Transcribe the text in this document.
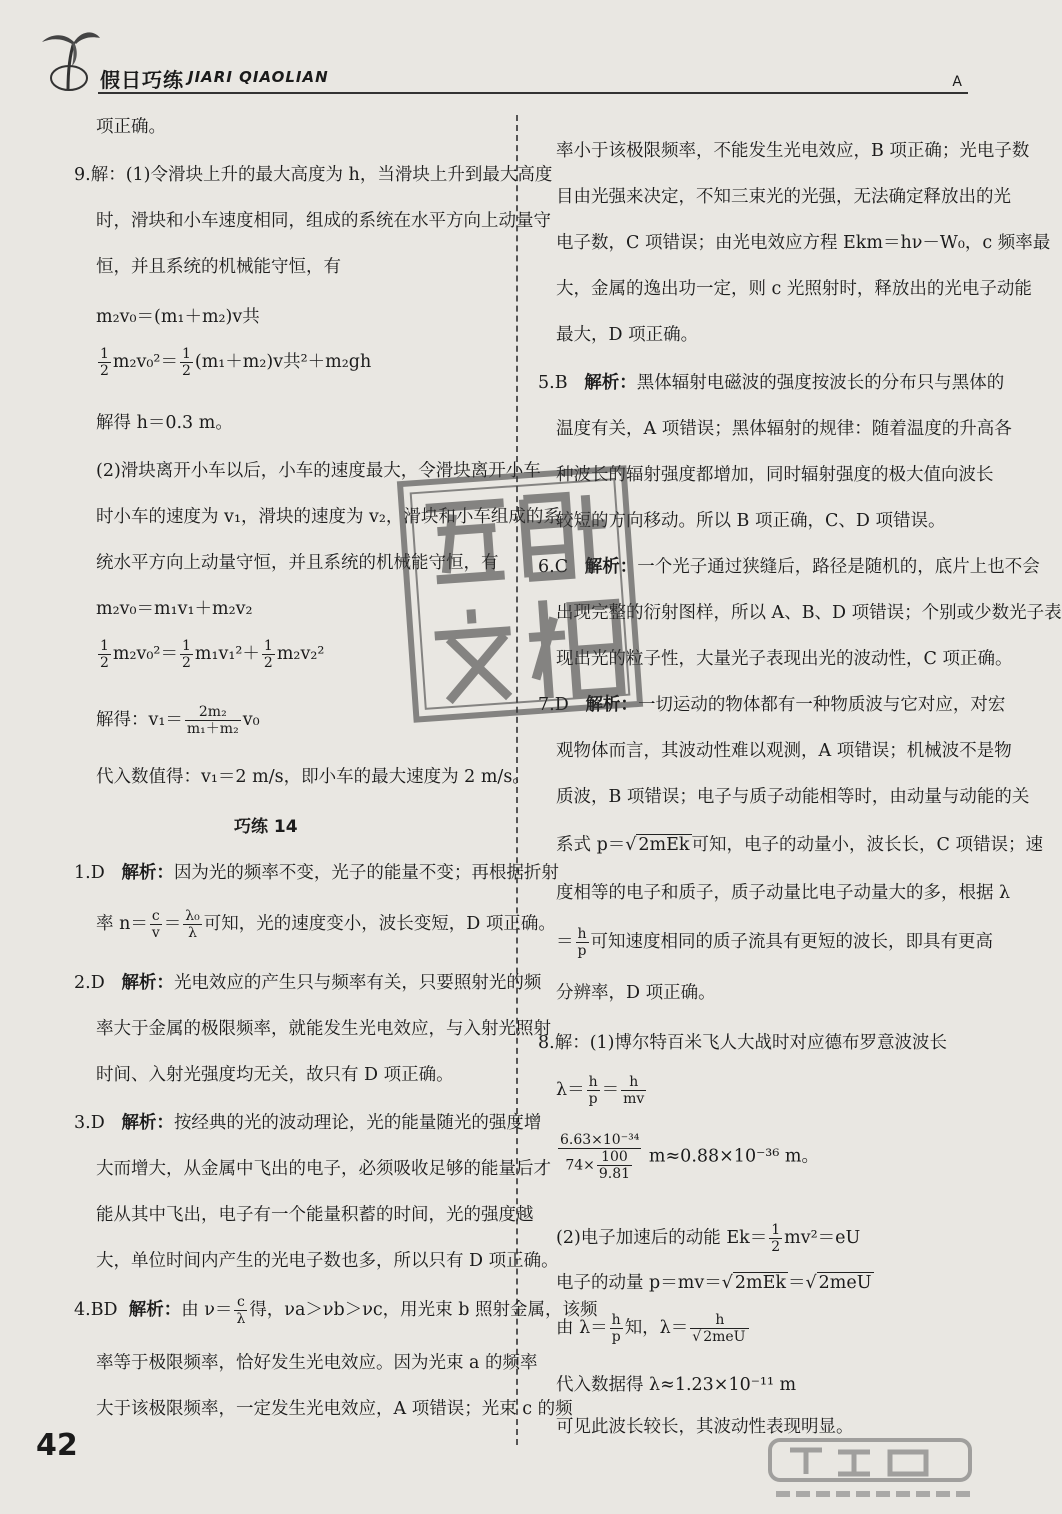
假日巧练 JIARI QIAOLIAN	A
项正确。
9.解：(1)令滑块上升的最大高度为 h，当滑块上升到最大高度
时，滑块和小车速度相同，组成的系统在水平方向上动量守
恒，并且系统的机械能守恒，有
m₂v₀＝(m₁＋m₂)v共
$\frac{1}{2} m_2v_0^2= \frac{1}{2} (m_1+m_2)v$共²＋m₂gh
解得 h＝0.3 m。
(2)滑块离开小车以后，小车的速度最大，令滑块离开小车
时小车的速度为 v₁，滑块的速度为 v₂，滑块和小车组成的系
统水平方向上动量守恒，并且系统的机械能守恒，有
m₂v₀＝m₁v₁＋m₂v₂
$\frac{1}{2} m_2v_0^2= \frac{1}{2} m_1v_1^2+ \frac{1}{2} m_2v_2^2$
解得：$v_1= \frac{\text{2m₂}}{\text{m₁＋m₂}} v_0$
代入数值得：v₁＝2 m/s，即小车的最大速度为 2 m/s。
巧练 14
1.D 解析：因为光的频率不变，光子的能量不变；再根据折射
率 $n= \frac{c}{v} = \frac{\text{λ₀}}{\lambda}$ 可知，光的速度变小，波长变短，D 项正确。
2.D 解析：光电效应的产生只与频率有关，只要照射光的频
率大于金属的极限频率，就能发生光电效应，与入射光照射
时间、入射光强度均无关，故只有 D 项正确。
3.D 解析：按经典的光的波动理论，光的能量随光的强度增
大而增大，从金属中飞出的电子，必须吸收足够的能量后才
能从其中飞出，电子有一个能量积蓄的时间，光的强度越
大，单位时间内产生的光电子数也多，所以只有 D 项正确。
4.BD 解析：由 $\nu= \frac{c}{\lambda}$ 得，νa＞νb＞νc，用光束 b 照射金属，该频
率等于极限频率，恰好发生光电效应。因为光束 a 的频率
大于该极限频率，一定发生光电效应，A 项错误；光束 c 的频
率小于该极限频率，不能发生光电效应，B 项正确；光电子数
目由光强来决定，不知三束光的光强，无法确定释放出的光
电子数，C 项错误；由光电效应方程 Ekm＝hν－W₀，c 频率最
大，金属的逸出功一定，则 c 光照射时，释放出的光电子动能
最大，D 项正确。
5.B 解析：黑体辐射电磁波的强度按波长的分布只与黑体的
温度有关，A 项错误；黑体辐射的规律：随着温度的升高各
种波长的辐射强度都增加，同时辐射强度的极大值向波长
较短的方向移动。所以 B 项正确，C、D 项错误。
6.C 解析：一个光子通过狭缝后，路径是随机的，底片上也不会
出现完整的衍射图样，所以 A、B、D 项错误；个别或少数光子表
现出光的粒子性，大量光子表现出光的波动性，C 项正确。
7.D 解析：一切运动的物体都有一种物质波与它对应，对宏
观物体而言，其波动性难以观测，A 项错误；机械波不是物
质波，B 项错误；电子与质子动能相等时，由动量与动能的关
系式 p＝√ 2mEk 可知，电子的动量小，波长长，C 项错误；速
度相等的电子和质子，质子动量比电子动量大的多，根据 λ
＝ $\frac{h}{p}$ 可知速度相同的质子流具有更短的波长，即具有更高
分辨率，D 项正确。
8.解：(1)博尔特百米飞人大战时对应德布罗意波波长
$\lambda= \frac{h}{p} = \frac{h}{mv}$
$\frac{\text{6.63×10⁻³⁴}}{74\times \frac{100}{9.81}} m\approx 0.88\times 10^{-36}$ m。
(2)电子加速后的动能 $Ek= \frac{1}{2} mv^2=eU$
电子的动量 p＝mv＝√ 2mEk ＝√ 2meU
由 $\lambda= \frac{h}{p}$ 知，$\lambda= \frac{h}{\text{√ 2meU}}$
代入数据得 λ≈1.23×10⁻¹¹ m
可见此波长较长，其波动性表现明显。
42
